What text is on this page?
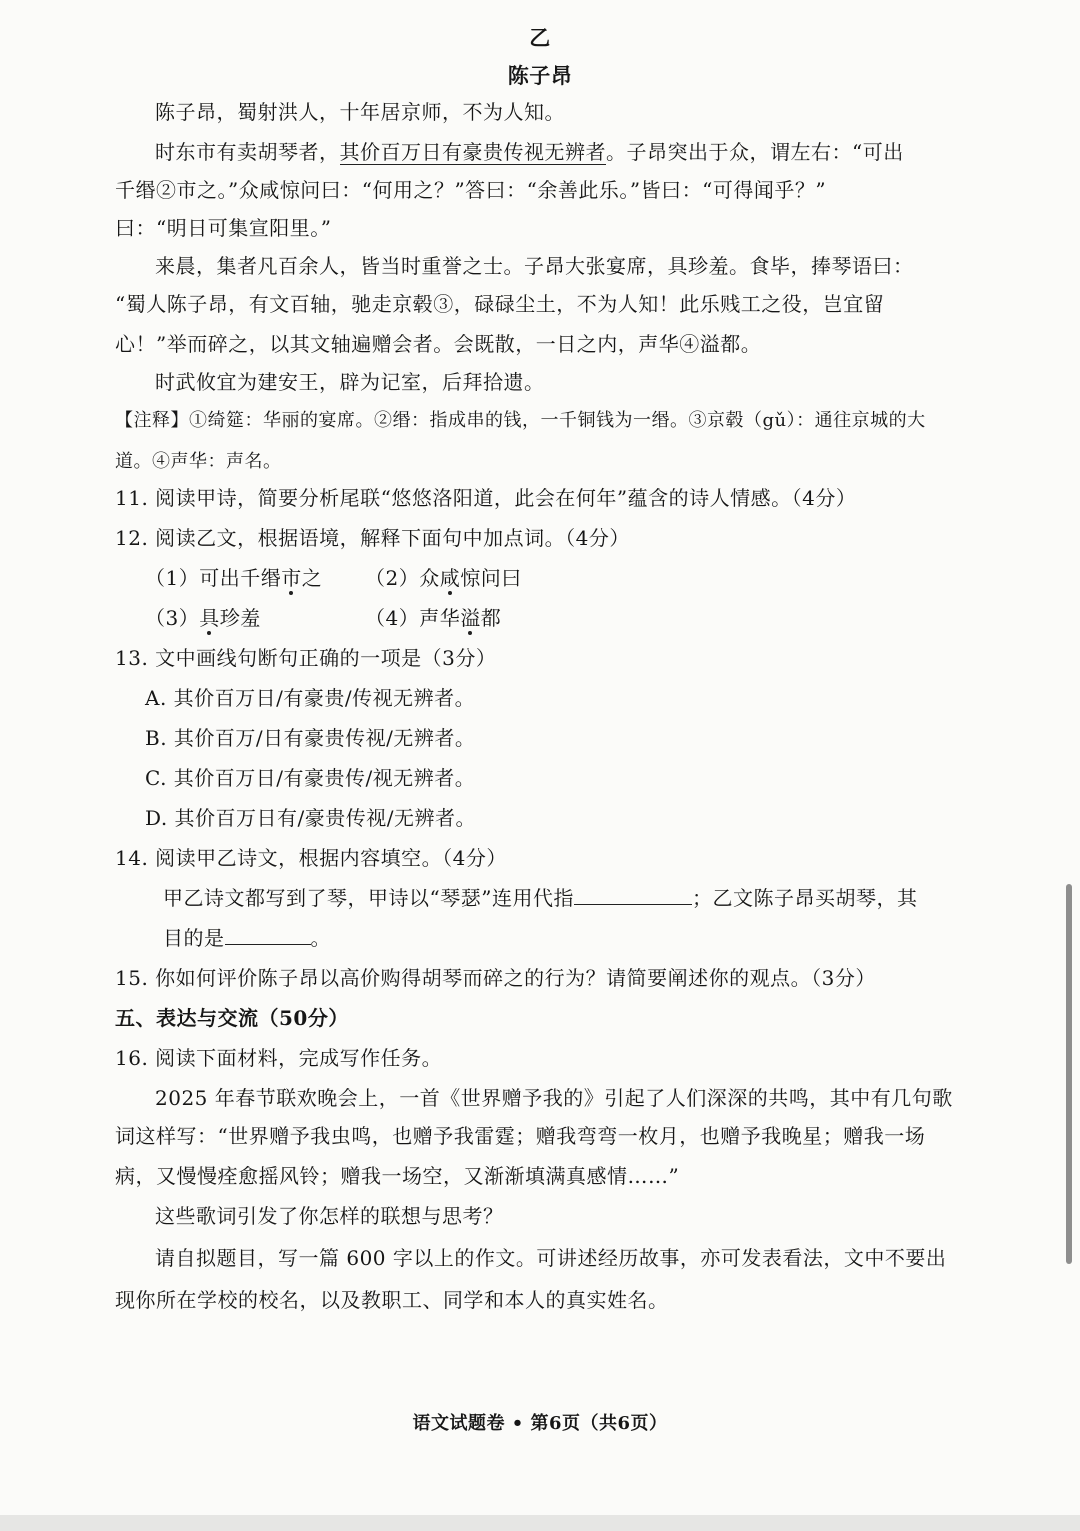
乙
陈子昂
陈子昂，蜀射洪人，十年居京师，不为人知。
时东市有卖胡琴者，其价百万日有豪贵传视无辨者。子昂突出于众，谓左右：“可出
千缗②市之。”众咸惊问曰：“何用之？”答曰：“余善此乐。”皆曰：“可得闻乎？”
曰：“明日可集宣阳里。”
来晨，集者凡百余人，皆当时重誉之士。子昂大张宴席，具珍羞。食毕，捧琴语曰：
“蜀人陈子昂，有文百轴，驰走京毂③，碌碌尘土，不为人知！此乐贱工之役，岂宜留
心！”举而碎之，以其文轴遍赠会者。会既散，一日之内，声华④溢都。
时武攸宜为建安王，辟为记室，后拜拾遗。
【注释】①绮筵：华丽的宴席。②缗：指成串的钱，一千铜钱为一缗。③京毂（gǔ）：通往京城的大
道。④声华：声名。
11. 阅读甲诗，简要分析尾联“悠悠洛阳道，此会在何年”蕴含的诗人情感。（4分）
12. 阅读乙文，根据语境，解释下面句中加点词。（4分）
（1）可出千缗市之 （2）众咸惊问曰
（3）具珍羞	（4）声华溢都
13. 文中画线句断句正确的一项是（3分）
A. 其价百万日/有豪贵/传视无辨者。
B. 其价百万/日有豪贵传视/无辨者。
C. 其价百万日/有豪贵传/视无辨者。
D. 其价百万日有/豪贵传视/无辨者。
14. 阅读甲乙诗文，根据内容填空。（4分）
甲乙诗文都写到了琴，甲诗以“琴瑟”连用代指	；乙文陈子昂买胡琴，其
目的是	。
15. 你如何评价陈子昂以高价购得胡琴而碎之的行为？请简要阐述你的观点。（3分）
五、表达与交流（50分）
16. 阅读下面材料，完成写作任务。
2025 年春节联欢晚会上，一首《世界赠予我的》引起了人们深深的共鸣，其中有几句歌
词这样写：“世界赠予我虫鸣，也赠予我雷霆；赠我弯弯一枚月，也赠予我晚星；赠我一场
病，又慢慢痊愈摇风铃；赠我一场空，又渐渐填满真感情……”
这些歌词引发了你怎样的联想与思考？
请自拟题目，写一篇 600 字以上的作文。可讲述经历故事，亦可发表看法，文中不要出
现你所在学校的校名，以及教职工、同学和本人的真实姓名。
语文试题卷 • 第6页（共6页）
